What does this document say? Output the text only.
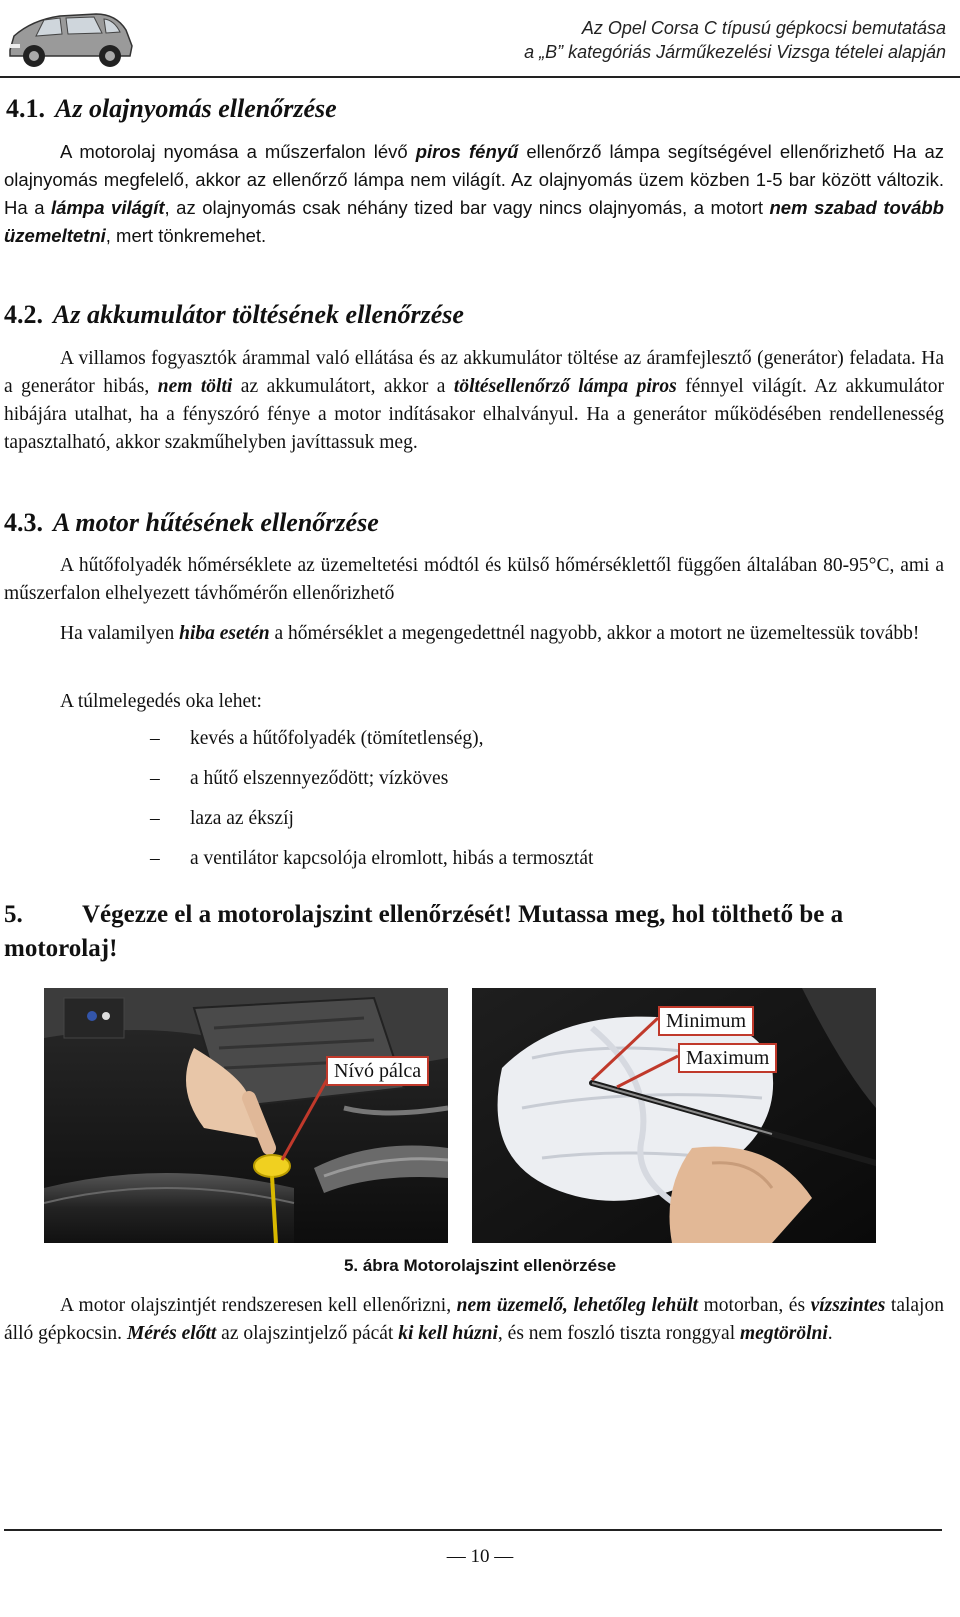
Az Opel Corsa C típusú gépkocsi bemutatása
a „B” kategóriás Járműkezelési Vizsga tételei alapján
4.1. Az olajnyomás ellenőrzése

A motorolaj nyomása a műszerfalon lévő piros fényű ellenőrző lámpa segítségével ellenőrizhető Ha az olajnyomás megfelelő, akkor az ellenőrző lámpa nem világít. Az olajnyomás üzem közben 1-5 bar között változik. Ha a lámpa világít, az olajnyomás csak néhány tized bar vagy nincs olajnyomás, a motort nem szabad tovább üzemeltetni, mert tönkremehet.

4.2. Az akkumulátor töltésének ellenőrzése

A villamos fogyasztók árammal való ellátása és az akkumulátor töltése az áramfejlesztő (generátor) feladata. Ha a generátor hibás, nem tölti az akkumulátort, akkor a töltésellenőrző lámpa piros fénnyel világít. Az akkumulátor hibájára utalhat, ha a fényszóró fénye a motor indításakor elhalványul. Ha a generátor működésében rendellenesség tapasztalható, akkor szakműhelyben javíttassuk meg.

4.3. A motor hűtésének ellenőrzése

A hűtőfolyadék hőmérséklete az üzemeltetési módtól és külső hőmérséklettől függően általában 80-95°C, ami a műszerfalon elhelyezett távhőmérőn ellenőrizhető

Ha valamilyen hiba esetén a hőmérséklet a megengedettnél nagyobb, akkor a motort ne üzemeltessük tovább!

A túlmelegedés oka lehet:

– kevés a hűtőfolyadék (tömítetlenség),
– a hűtő elszennyeződött; vízköves
– laza az ékszíj
– a ventilátor kapcsolója elromlott, hibás a termosztát
5. Végezze el a motorolajszint ellenőrzését! Mutassa meg, hol tölthető be a motorolaj!
Nívó pálca
Minimum
Maximum
5. ábra Motorolajszint ellenörzése

A motor olajszintjét rendszeresen kell ellenőrizni, nem üzemelő, lehetőleg lehült motorban, és vízszintes talajon álló gépkocsin. Mérés előtt az olajszintjelző pácát ki kell húzni, és nem foszló tiszta ronggyal megtörölni.

— 10 —
